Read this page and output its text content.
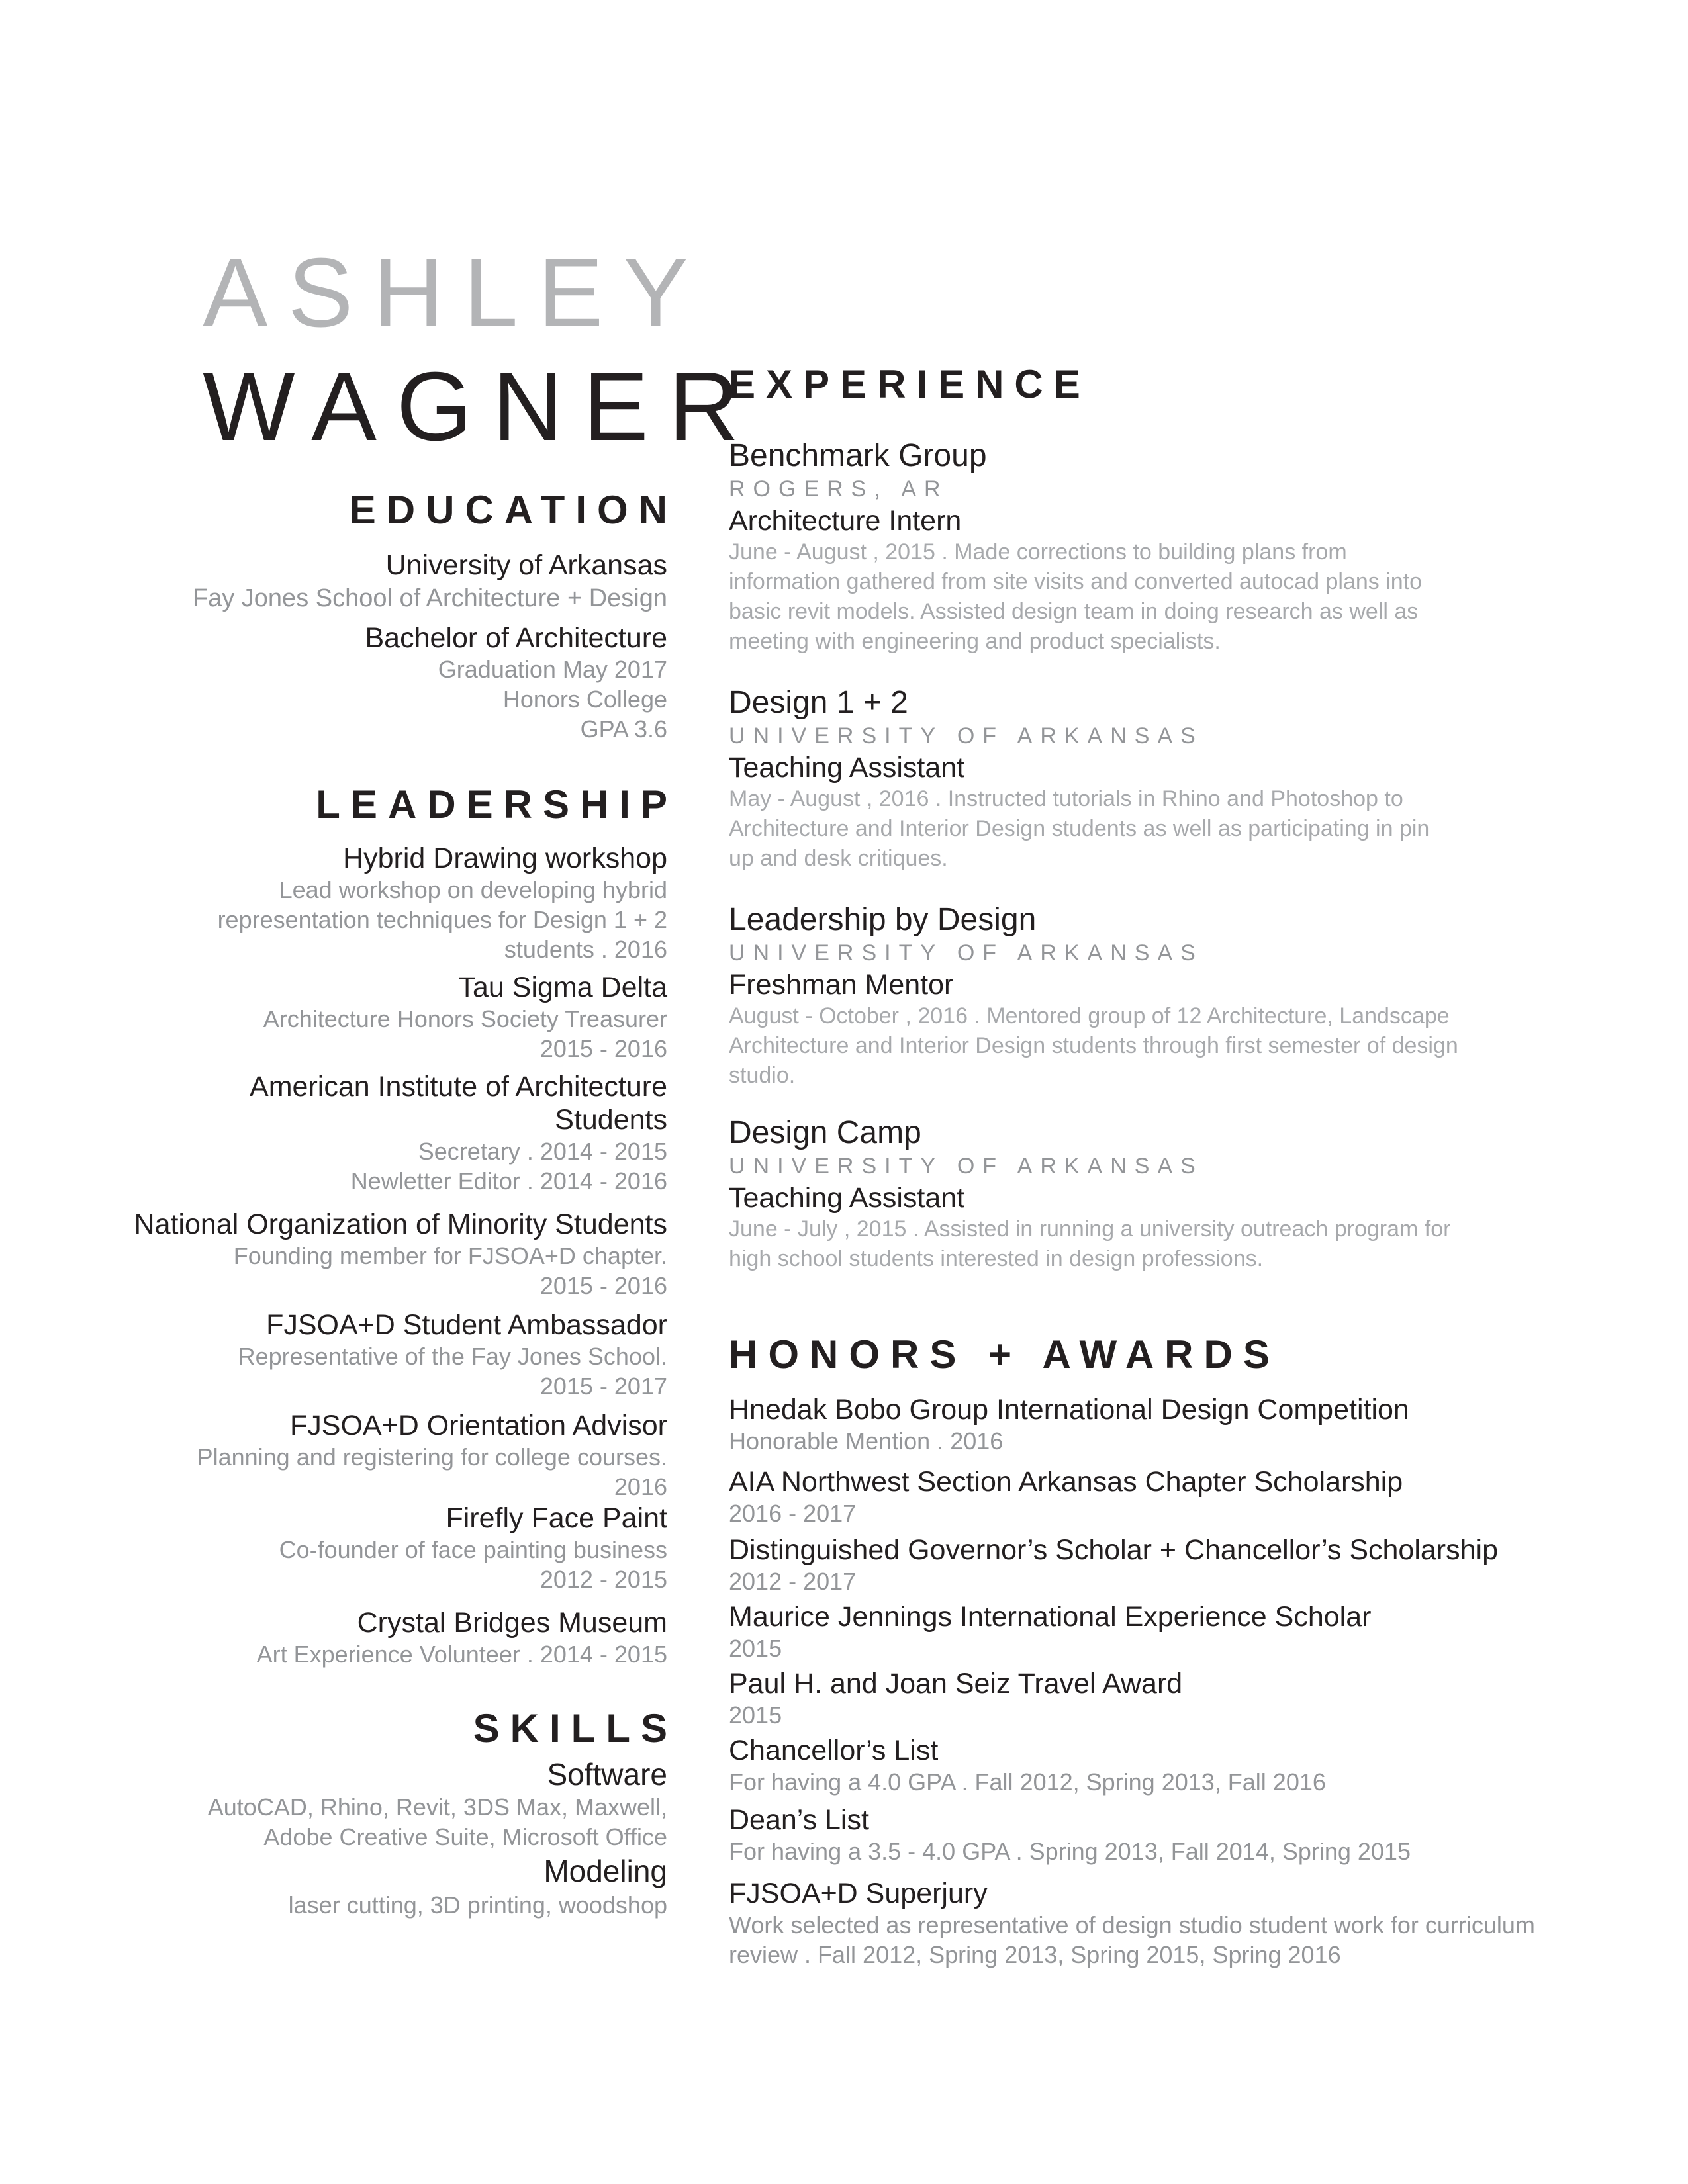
ASHLEY
WAGNER
EDUCATION
University of Arkansas
Fay Jones School of Architecture + Design
Bachelor of Architecture
Graduation May 2017
Honors College
GPA 3.6
LEADERSHIP
Hybrid Drawing workshop
Lead workshop on developing hybrid
representation techniques for Design 1 + 2
students . 2016
Tau Sigma Delta
Architecture Honors Society Treasurer
2015 - 2016
American Institute of Architecture Students
Secretary . 2014 - 2015
Newletter Editor . 2014 - 2016
National Organization of Minority Students
Founding member for FJSOA+D chapter.
2015 - 2016
FJSOA+D Student Ambassador
Representative of the Fay Jones School.
2015 - 2017
FJSOA+D Orientation Advisor
Planning and registering for college courses.
2016
Firefly Face Paint
Co-founder of face painting business
2012 - 2015
Crystal Bridges Museum
Art Experience Volunteer . 2014 - 2015
SKILLS
Software
AutoCAD, Rhino, Revit, 3DS Max, Maxwell,
Adobe Creative Suite, Microsoft Office
Modeling
laser cutting, 3D printing, woodshop
EXPERIENCE
Benchmark Group
ROGERS, AR
Architecture Intern
June - August , 2015 . Made corrections to building plans from
information gathered from site visits and converted autocad plans into
basic revit models. Assisted design team in doing research as well as
meeting with engineering and product specialists.
Design 1 + 2
UNIVERSITY OF ARKANSAS
Teaching Assistant
May - August , 2016 . Instructed tutorials in Rhino and Photoshop to
Architecture and Interior Design students as well as participating in pin
up and desk critiques.
Leadership by Design
UNIVERSITY OF ARKANSAS
Freshman Mentor
August - October , 2016 . Mentored group of 12 Architecture, Landscape
Architecture and Interior Design students through first semester of design
studio.
Design Camp
UNIVERSITY OF ARKANSAS
Teaching Assistant
June - July , 2015 . Assisted in running a university outreach program for
high school students interested in design professions.
HONORS + AWARDS
Hnedak Bobo Group International Design Competition
Honorable Mention . 2016
AIA Northwest Section Arkansas Chapter Scholarship
2016 - 2017
Distinguished Governor’s Scholar + Chancellor’s Scholarship
2012 - 2017
Maurice Jennings International Experience Scholar
2015
Paul H. and Joan Seiz Travel Award
2015
Chancellor’s List
For having a 4.0 GPA . Fall 2012, Spring 2013, Fall 2016
Dean’s List
For having a 3.5 - 4.0 GPA . Spring 2013, Fall 2014, Spring 2015
FJSOA+D Superjury
Work selected as representative of design studio student work for curriculum
review . Fall 2012, Spring 2013, Spring 2015, Spring 2016
